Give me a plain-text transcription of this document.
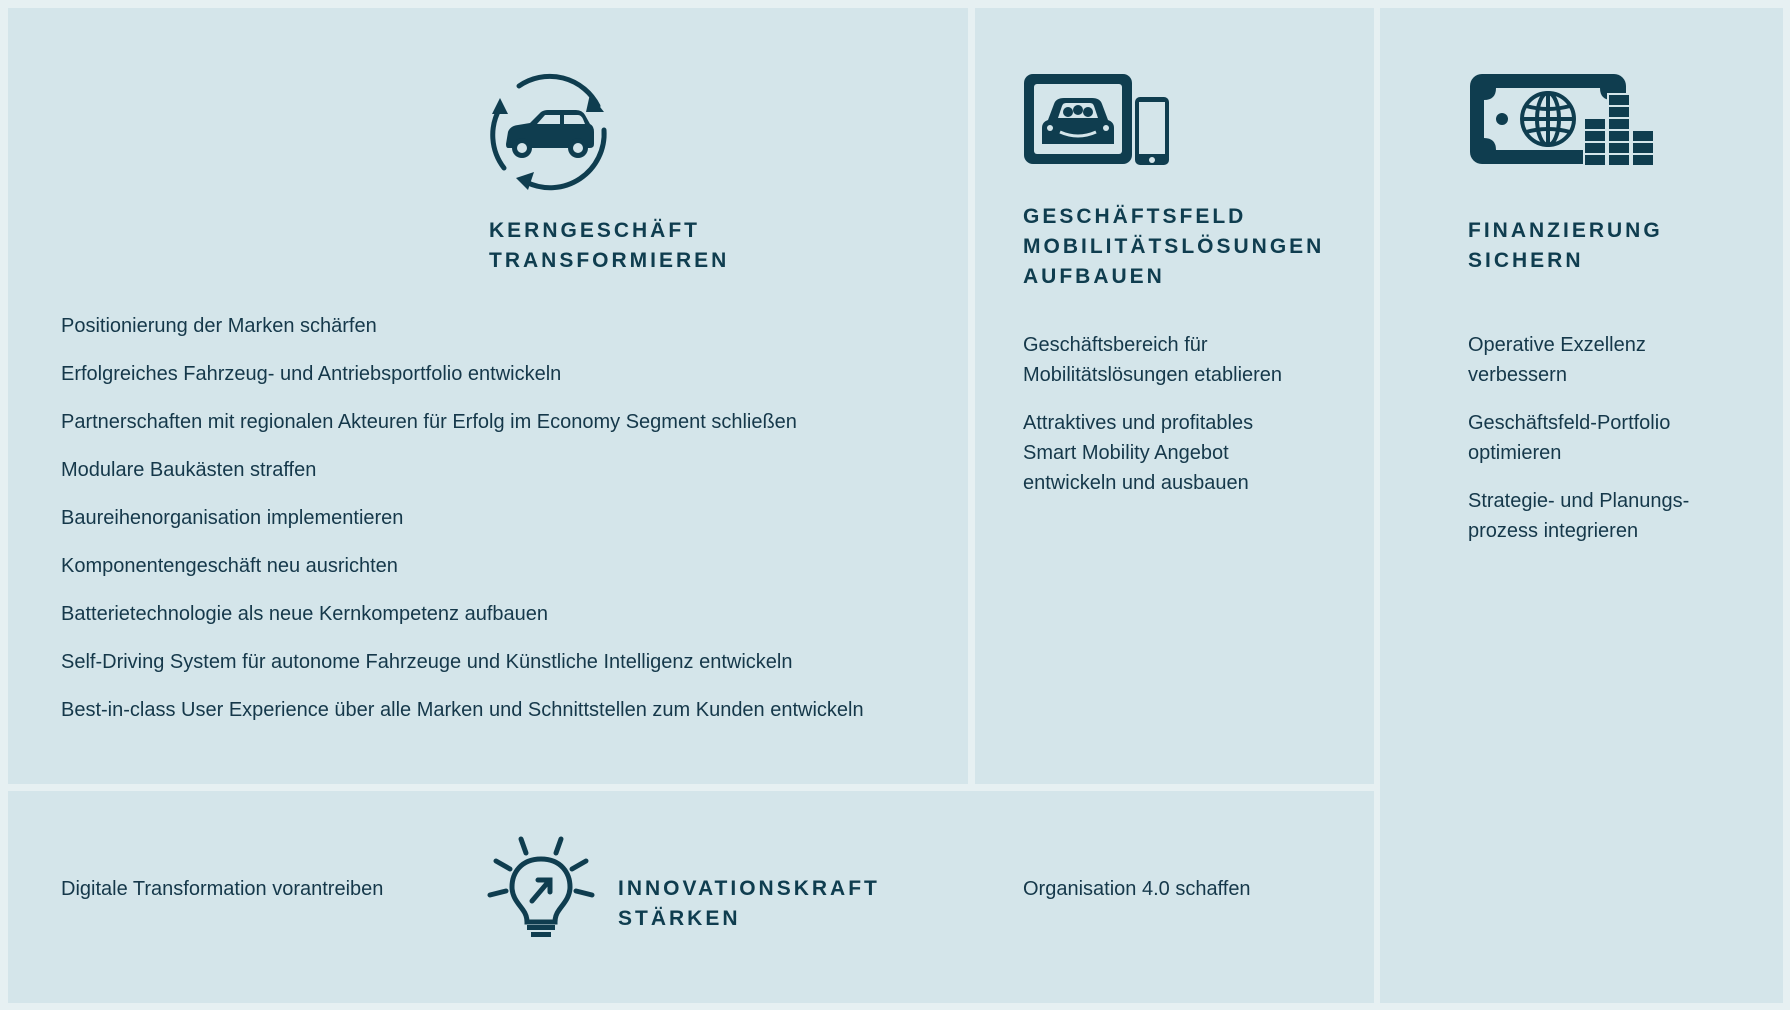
KERNGESCHÄFT
TRANSFORMIEREN
Positionierung der Marken schärfen
Erfolgreiches Fahrzeug- und Antriebsportfolio entwickeln
Partnerschaften mit regionalen Akteuren für Erfolg im Economy Segment schließen
Modulare Baukästen straffen
Baureihenorganisation implementieren
Komponentengeschäft neu ausrichten
Batterietechnologie als neue Kernkompetenz aufbauen
Self-Driving System für autonome Fahrzeuge und Künstliche Intelligenz entwickeln
Best-in-class User Experience über alle Marken und Schnittstellen zum Kunden entwickeln
GESCHÄFTSFELD
MOBILITÄTSLÖSUNGEN
AUFBAUEN
Geschäftsbereich für
Mobilitätslösungen etablieren
Attraktives und profitables
Smart Mobility Angebot
entwickeln und ausbauen
FINANZIERUNG
SICHERN
Operative Exzellenz
verbessern
Geschäftsfeld-Portfolio
optimieren
Strategie- und Planungs-
prozess integrieren
Digitale Transformation vorantreiben	INNOVATIONSKRAFT
STÄRKEN
Organisation 4.0 schaffen
